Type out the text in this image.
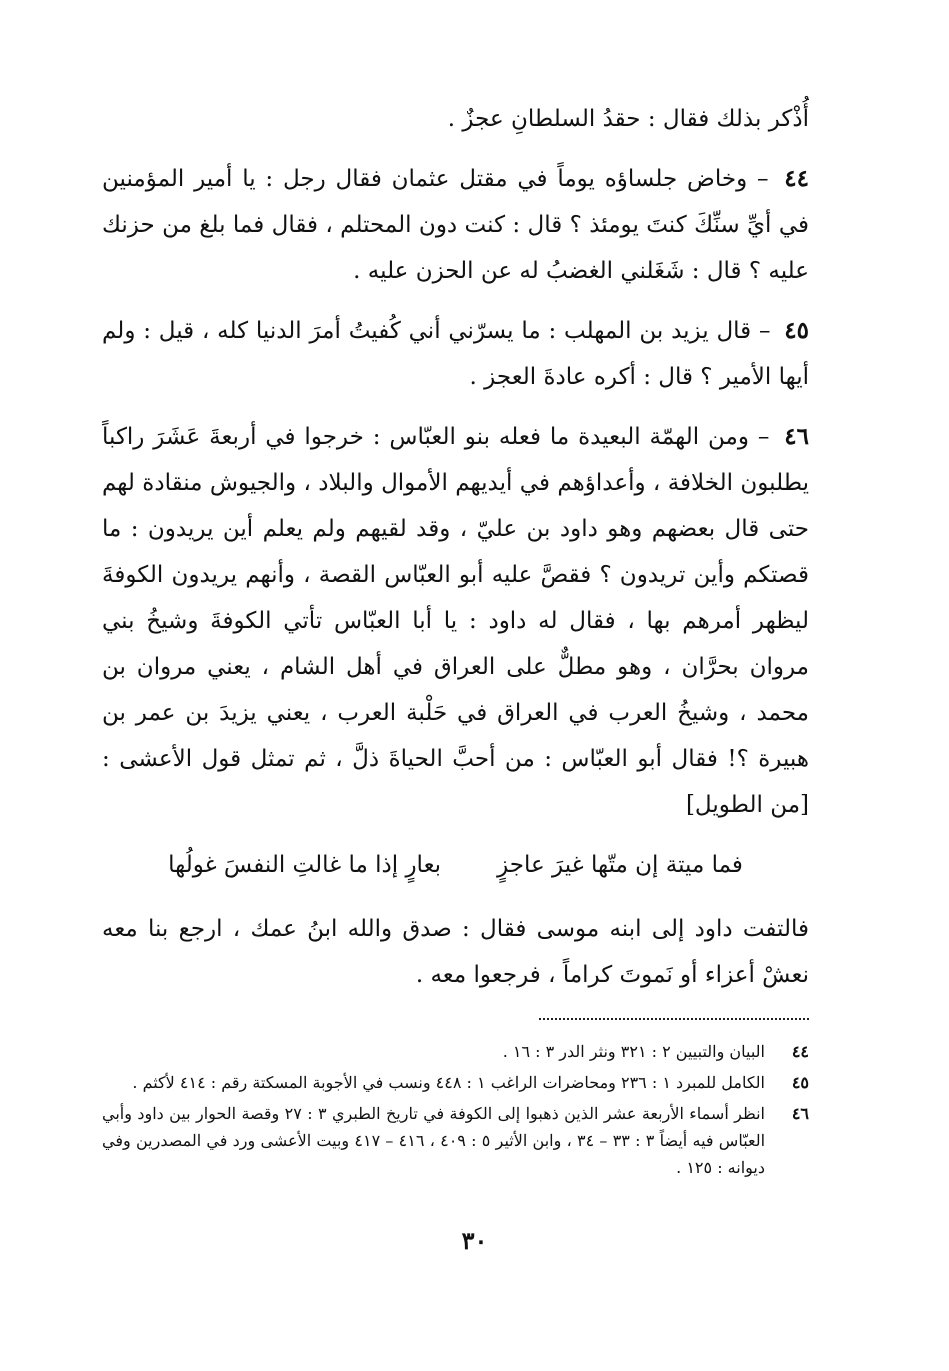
أُذْكر بذلك فقال : حقدُ السلطانِ عجزٌ .

٤٤ – وخاض جلساؤه يوماً في مقتل عثمان فقال رجل : يا أمير المؤمنين في أيِّ سنِّكَ كنتَ يومئذ ؟ قال : كنت دون المحتلم ، فقال فما بلغ من حزنك عليه ؟ قال : شَغَلني الغضبُ له عن الحزن عليه .

٤٥ – قال يزيد بن المهلب : ما يسرّني أني كُفيتُ أمرَ الدنيا كله ، قيل : ولم أيها الأمير ؟ قال : أكره عادةَ العجز .

٤٦ – ومن الهمّة البعيدة ما فعله بنو العبّاس : خرجوا في أربعةَ عَشَرَ راكباً يطلبون الخلافة ، وأعداؤهم في أيديهم الأموال والبلاد ، والجيوش منقادة لهم حتى قال بعضهم وهو داود بن عليّ ، وقد لقيهم ولم يعلم أين يريدون : ما قصتكم وأين تريدون ؟ فقصَّ عليه أبو العبّاس القصة ، وأنهم يريدون الكوفةَ ليظهر أمرهم بها ، فقال له داود : يا أبا العبّاس تأتي الكوفةَ وشيخُ بني مروان بحرَّان ، وهو مطلٌّ على العراق في أهل الشام ، يعني مروان بن محمد ، وشيخُ العرب في العراق في حَلْبة العرب ، يعني يزيدَ بن عمر بن هبيرة ؟! فقال أبو العبّاس : من أحبَّ الحياةَ ذلَّ ، ثم تمثل قول الأعشى : [من الطويل]

فما ميتة إن متّها غيرَ عاجزٍ
بعارٍ إذا ما غالتِ النفسَ غولُها

فالتفت داود إلى ابنه موسى فقال : صدق والله ابنُ عمك ، ارجع بنا معه نعشْ أعزاء أو نَموتَ كراماً ، فرجعوا معه .

٤٤
البيان والتبيين ٢ : ٣٢١ ونثر الدر ٣ : ١٦ .
٤٥
الكامل للمبرد ١ : ٢٣٦ ومحاضرات الراغب ١ : ٤٤٨ ونسب في الأجوبة المسكتة رقم : ٤١٤ لأكثم .
٤٦
انظر أسماء الأربعة عشر الذين ذهبوا إلى الكوفة في تاريخ الطبري ٣ : ٢٧ وقصة الحوار بين داود وأبي العبّاس فيه أيضاً ٣ : ٣٣ – ٣٤ ، وابن الأثير ٥ : ٤٠٩ ، ٤١٦ – ٤١٧ وبيت الأعشى ورد في المصدرين وفي ديوانه : ١٢٥ .
٣٠
